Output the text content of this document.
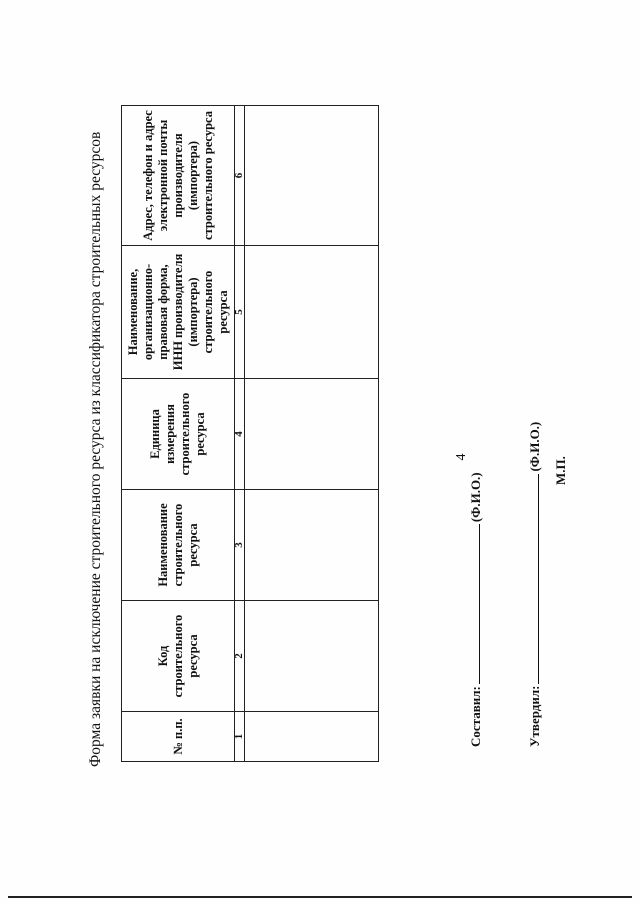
4
Форма заявки на исключение строительного ресурса из классификатора строительных ресурсов	№ п.п.	Код строительного ресурса	Наименование строительного ресурса	Единица измерения строительного ресурса	Наименование, организационно-правовая форма, ИНН производителя (импортера) строительного ресурса	Адрес, телефон и адрес электронной почты производителя (импортера) строительного ресурса
1	2	3	4	5	6

Составил:(Ф.И.О.)
Утвердил:(Ф.И.О.) М.П.
